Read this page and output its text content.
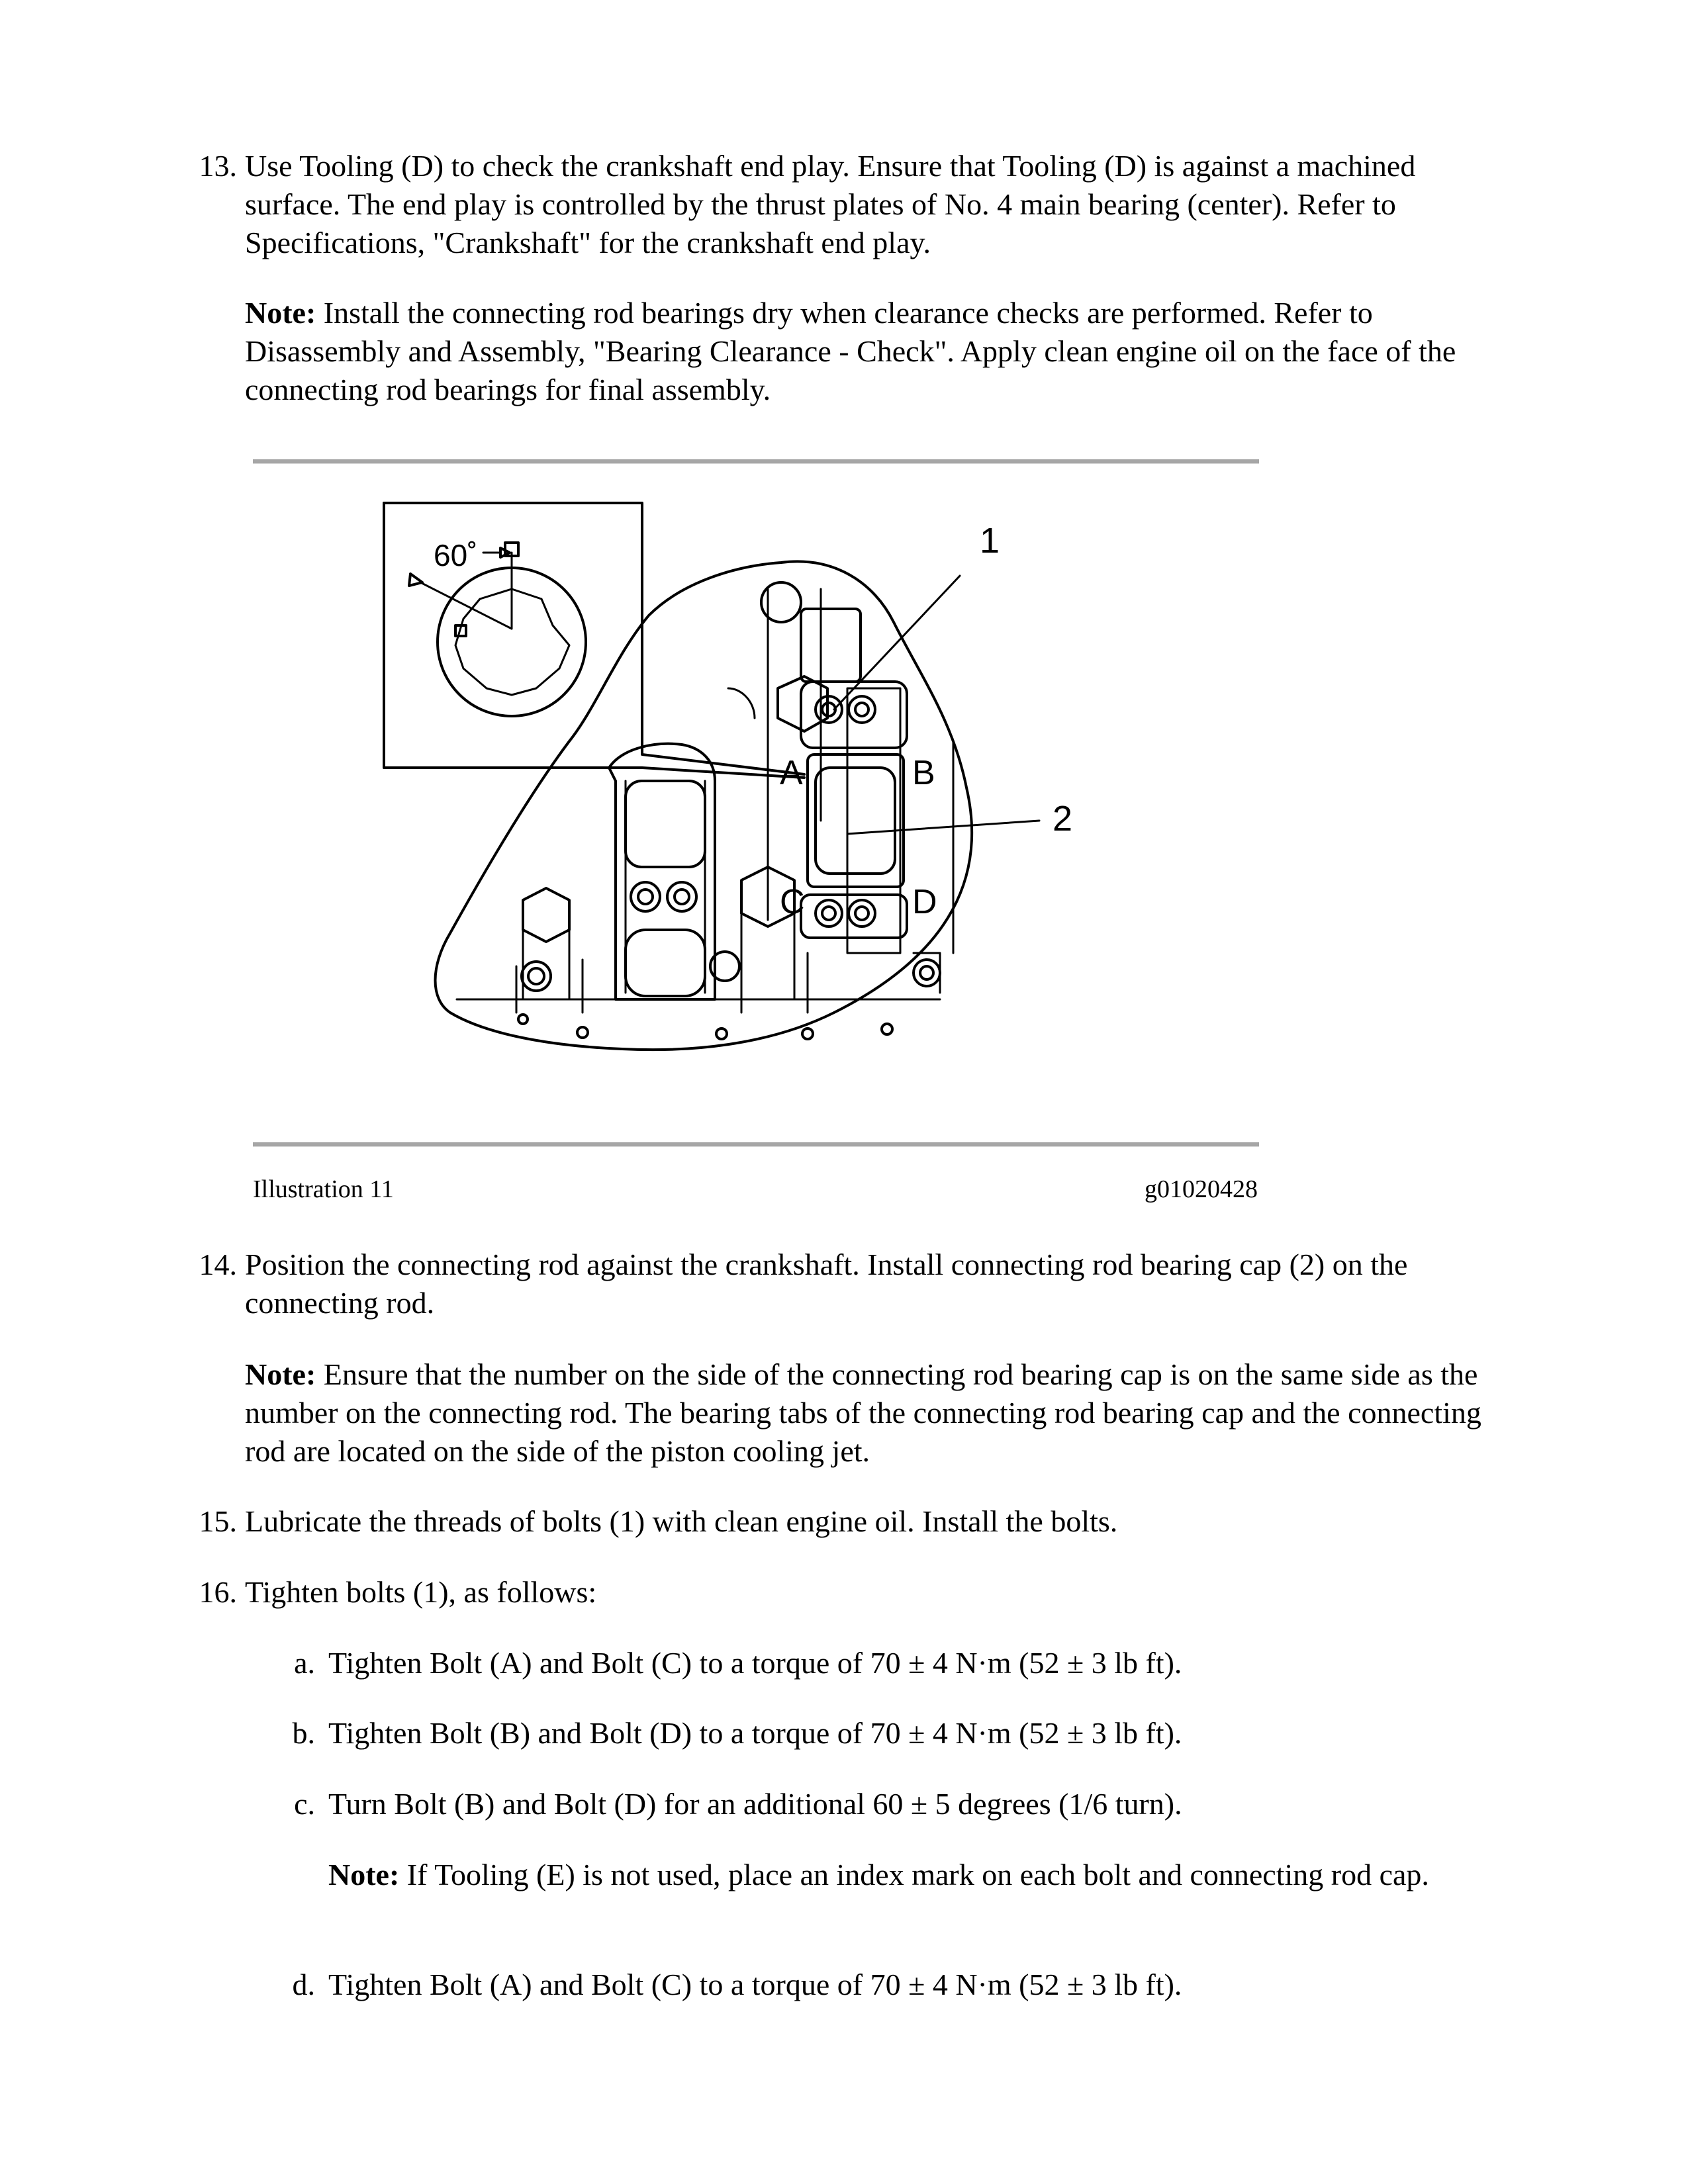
13. Use Tooling (D) to check the crankshaft end play. Ensure that Tooling (D) is against a machined surface. The end play is controlled by the thrust plates of No. 4 main bearing (center). Refer to Specifications, "Crankshaft" for the crankshaft end play.
Note: Install the connecting rod bearings dry when clearance checks are performed. Refer to Disassembly and Assembly, "Bearing Clearance - Check". Apply clean engine oil on the face of the connecting rod bearings for final assembly.
60˚	1
2
A	B
C	D
Illustration 11	g01020428
14. Position the connecting rod against the crankshaft. Install connecting rod bearing cap (2) on the connecting rod.
Note: Ensure that the number on the side of the connecting rod bearing cap is on the same side as the number on the connecting rod. The bearing tabs of the connecting rod bearing cap and the connecting rod are located on the side of the piston cooling jet.
15. Lubricate the threads of bolts (1) with clean engine oil. Install the bolts.
16. Tighten bolts (1), as follows:
a. Tighten Bolt (A) and Bolt (C) to a torque of 70 ± 4 N·m (52 ± 3 lb ft).
b. Tighten Bolt (B) and Bolt (D) to a torque of 70 ± 4 N·m (52 ± 3 lb ft).
c. Turn Bolt (B) and Bolt (D) for an additional 60 ± 5 degrees (1/6 turn).
Note: If Tooling (E) is not used, place an index mark on each bolt and connecting rod cap.
d. Tighten Bolt (A) and Bolt (C) to a torque of 70 ± 4 N·m (52 ± 3 lb ft).
